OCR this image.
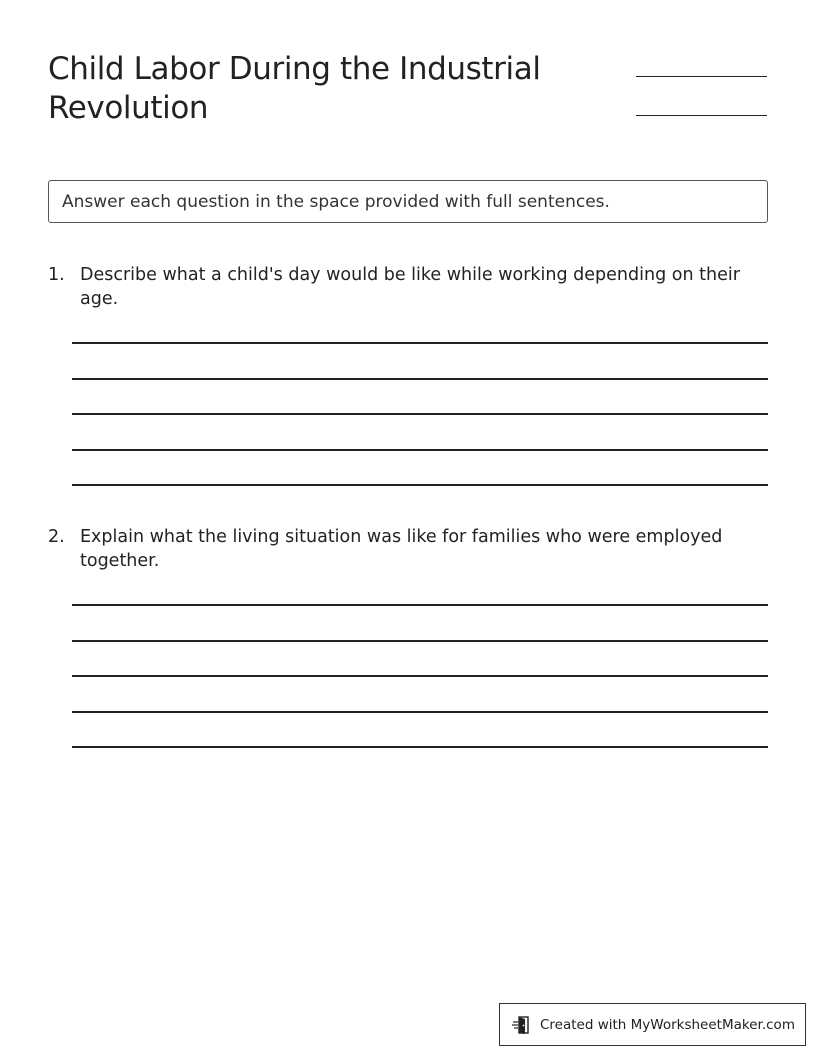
Child Labor During the Industrial Revolution
Answer each question in the space provided with full sentences.
1. Describe what a child's day would be like while working depending on their age.
2. Explain what the living situation was like for families who were employed together.
Created with MyWorksheetMaker.com
